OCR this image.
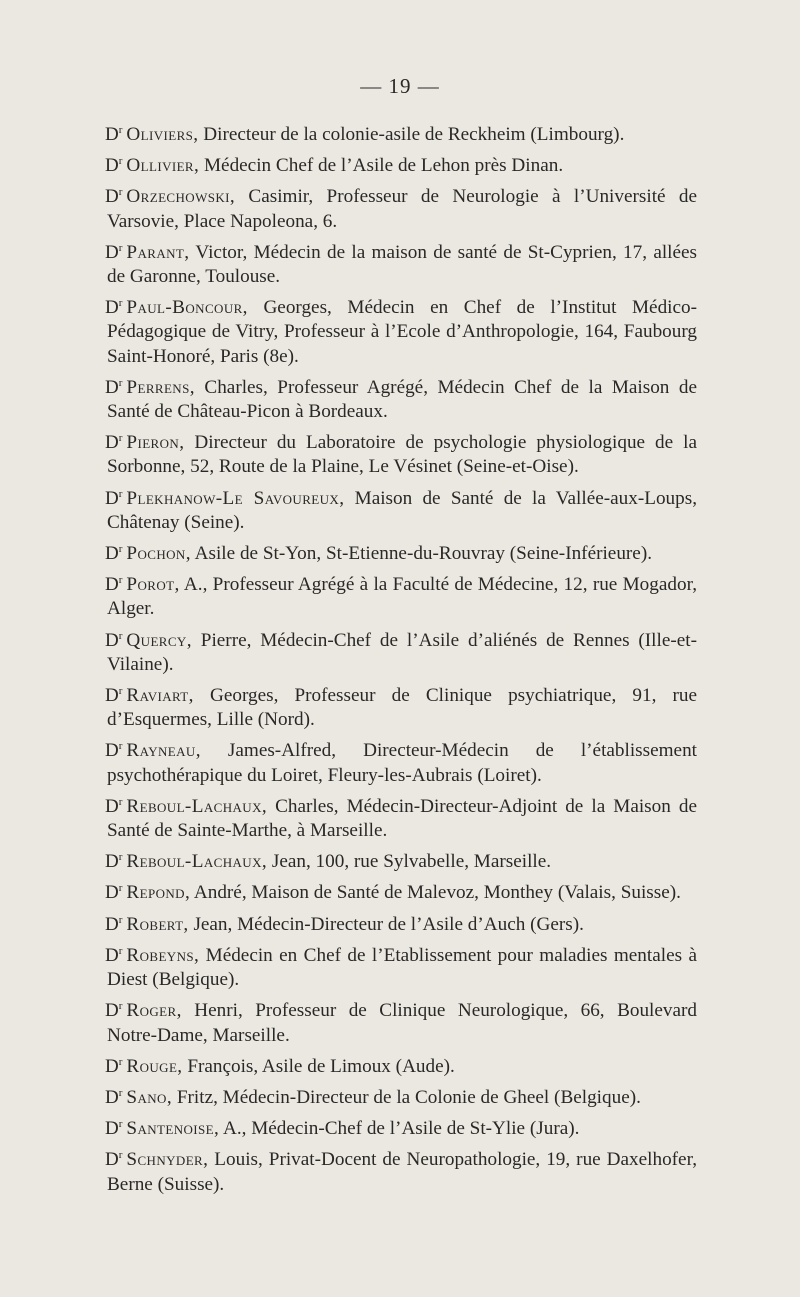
— 19 —

$D^r$ Oliviers, Directeur de la colonie-asile de Reckheim (Limbourg).

$D^r$ Ollivier, Médecin Chef de l’Asile de Lehon près Dinan.

$D^r$ Orzechowski, Casimir, Professeur de Neurologie à l’Université de Varsovie, Place Napoleona, 6.

$D^r$ Parant, Victor, Médecin de la maison de santé de St-Cyprien, 17, allées de Garonne, Toulouse.

$D^r$ Paul-Boncour, Georges, Médecin en Chef de l’Institut Médico-Pédagogique de Vitry, Professeur à l’Ecole d’Anthropologie, 164, Faubourg Saint-Honoré, Paris (8e).

$D^r$ Perrens, Charles, Professeur Agrégé, Médecin Chef de la Maison de Santé de Château-Picon à Bordeaux.

$D^r$ Pieron, Directeur du Laboratoire de psychologie physiologique de la Sorbonne, 52, Route de la Plaine, Le Vésinet (Seine-et-Oise).

$D^r$ Plekhanow-Le Savoureux, Maison de Santé de la Vallée-aux-Loups, Châtenay (Seine).

$D^r$ Pochon, Asile de St-Yon, St-Etienne-du-Rouvray (Seine-Inférieure).

$D^r$ Porot, A., Professeur Agrégé à la Faculté de Médecine, 12, rue Mogador, Alger.

$D^r$ Quercy, Pierre, Médecin-Chef de l’Asile d’aliénés de Rennes (Ille-et-Vilaine).

$D^r$ Raviart, Georges, Professeur de Clinique psychiatrique, 91, rue d’Esquermes, Lille (Nord).

$D^r$ Rayneau, James-Alfred, Directeur-Médecin de l’établissement psychothérapique du Loiret, Fleury-les-Aubrais (Loiret).

$D^r$ Reboul-Lachaux, Charles, Médecin-Directeur-Adjoint de la Maison de Santé de Sainte-Marthe, à Marseille.

$D^r$ Reboul-Lachaux, Jean, 100, rue Sylvabelle, Marseille.

$D^r$ Repond, André, Maison de Santé de Malevoz, Monthey (Valais, Suisse).

$D^r$ Robert, Jean, Médecin-Directeur de l’Asile d’Auch (Gers).

$D^r$ Robeyns, Médecin en Chef de l’Etablissement pour maladies mentales à Diest (Belgique).

$D^r$ Roger, Henri, Professeur de Clinique Neurologique, 66, Boulevard Notre-Dame, Marseille.

$D^r$ Rouge, François, Asile de Limoux (Aude).

$D^r$ Sano, Fritz, Médecin-Directeur de la Colonie de Gheel (Belgique).

$D^r$ Santenoise, A., Médecin-Chef de l’Asile de St-Ylie (Jura).

$D^r$ Schnyder, Louis, Privat-Docent de Neuropathologie, 19, rue Daxelhofer, Berne (Suisse).
